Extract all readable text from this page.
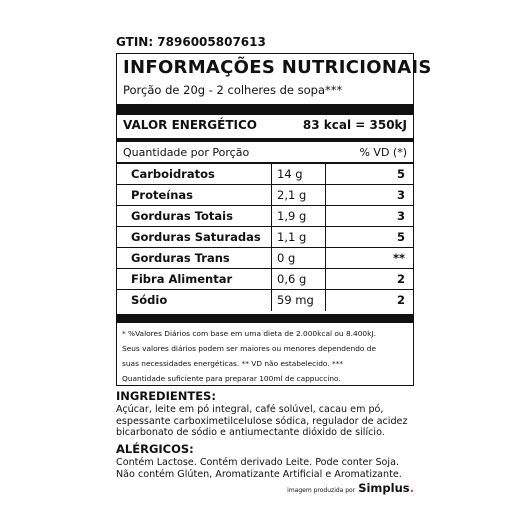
GTIN: 7896005807613
INFORMAÇÕES NUTRICIONAIS
Porção de 20g - 2 colheres de sopa***
VALOR ENERGÉTICO	83 kcal = 350kJ
Quantidade por Porção	% VD (*)
Carboidratos	14 g	5
Proteínas	2,1 g	3
Gorduras Totais	1,9 g	3
Gorduras Saturadas 1,1 g	5
Gorduras Trans	0 g	**
Fibra Alimentar	0,6 g	2
Sódio	59 mg	2
* %Valores Diários com base em uma dieta de 2.000kcal ou 8.400kJ.
Seus valores diários podem ser maiores ou menores dependendo de
suas necessidades energéticas. ** VD não estabelecido. ***
Quantidade suficiente para preparar 100ml de cappuccino.
INGREDIENTES:
Açúcar, leite em pó integral, café solúvel, cacau em pó, espessante carboximetilcelulose sódica, regulador de acidez bicarbonato de sódio e antiumectante dióxido de silício.
ALÉRGICOS:
Contém Lactose. Contém derivado Leite. Pode conter Soja. Não contém Glúten, Aromatizante Artificial e Aromatizante.
imagem produzida por Simplus.
